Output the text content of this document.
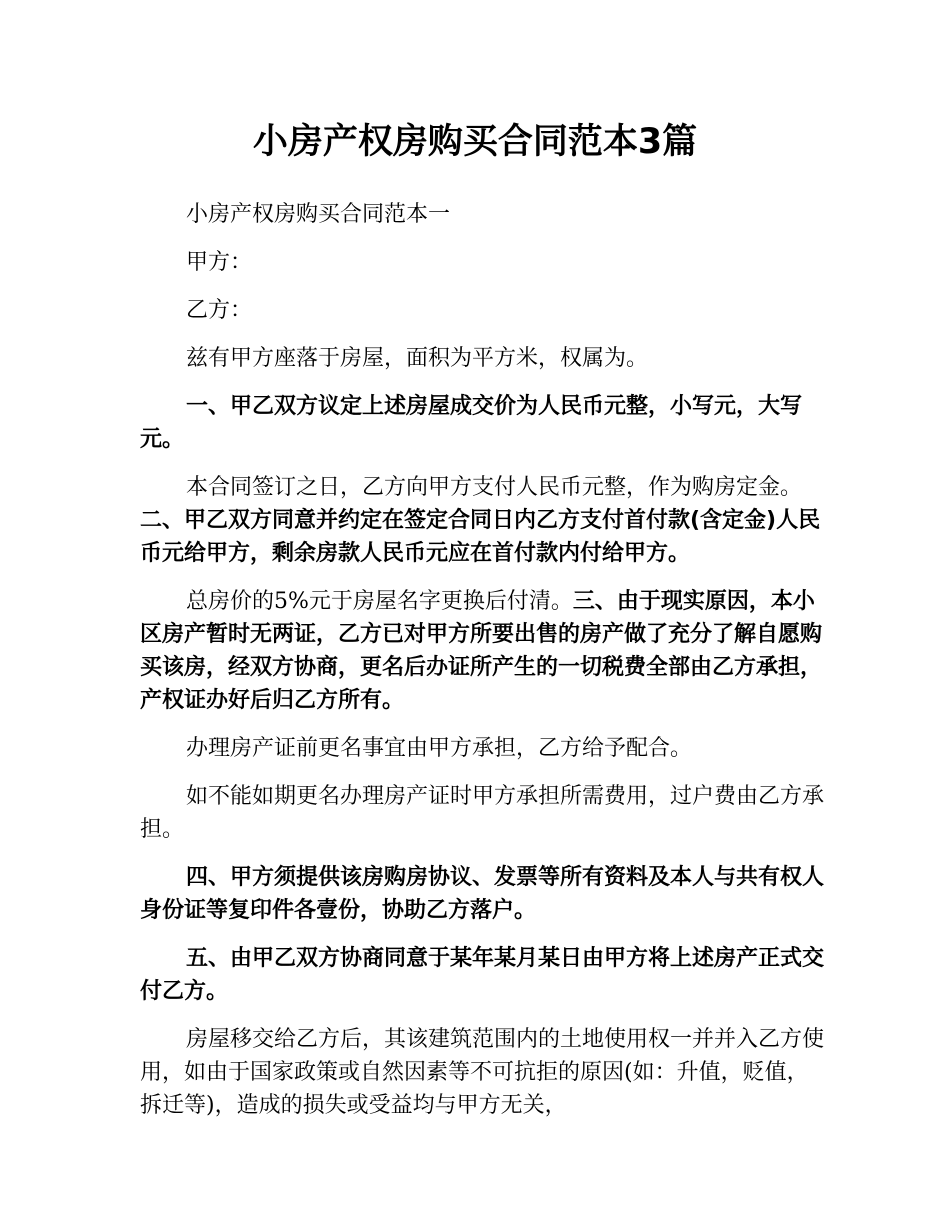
小房产权房购买合同范本3篇

小房产权房购买合同范本一

甲方：

乙方：

兹有甲方座落于房屋，面积为平方米，权属为。

一、甲乙双方议定上述房屋成交价为人民币元整，小写元，大写元。

本合同签订之日，乙方向甲方支付人民币元整，作为购房定金。二、甲乙双方同意并约定在签定合同日内乙方支付首付款(含定金)人民币元给甲方，剩余房款人民币元应在首付款内付给甲方。

总房价的5%元于房屋名字更换后付清。三、由于现实原因，本小区房产暂时无两证，乙方已对甲方所要出售的房产做了充分了解自愿购买该房，经双方协商，更名后办证所产生的一切税费全部由乙方承担，产权证办好后归乙方所有。

办理房产证前更名事宜由甲方承担，乙方给予配合。

如不能如期更名办理房产证时甲方承担所需费用，过户费由乙方承担。

四、甲方须提供该房购房协议、发票等所有资料及本人与共有权人身份证等复印件各壹份，协助乙方落户。

五、由甲乙双方协商同意于某年某月某日由甲方将上述房产正式交付乙方。

房屋移交给乙方后，其该建筑范围内的土地使用权一并并入乙方使用，如由于国家政策或自然因素等不可抗拒的原因(如：升值，贬值，拆迁等)，造成的损失或受益均与甲方无关，
